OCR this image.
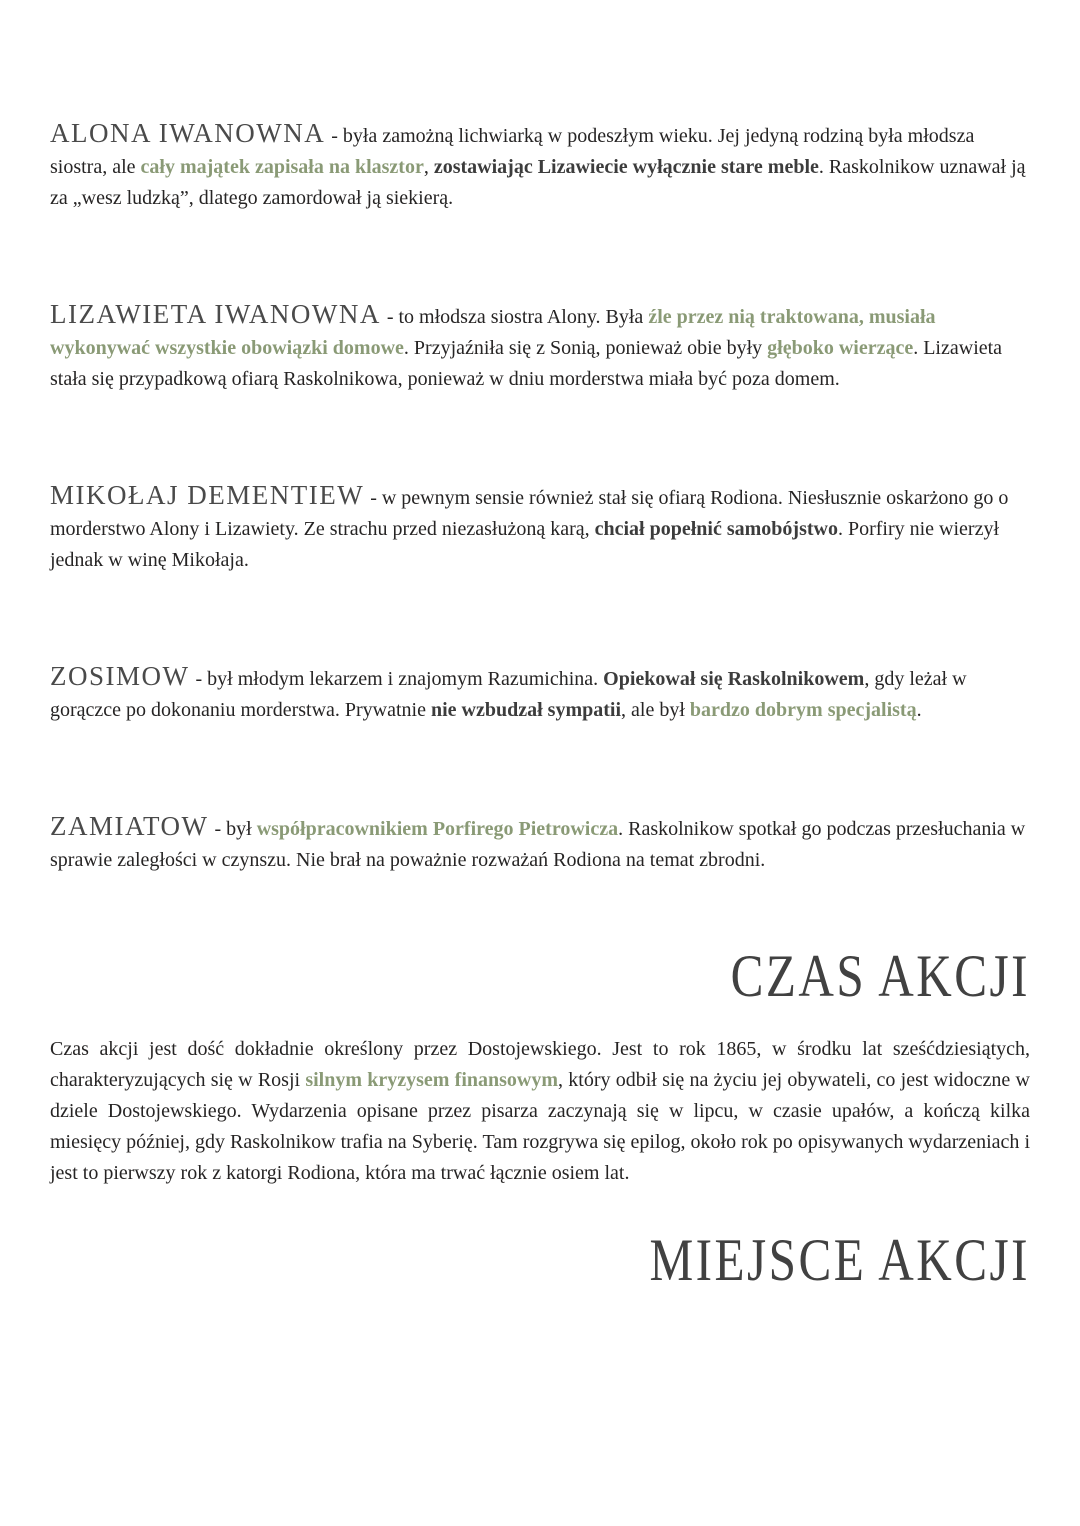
ALONA IWANOWNA - była zamożną lichwiarką w podeszłym wieku. Jej jedyną rodziną była młodsza siostra, ale cały majątek zapisała na klasztor, zostawiając Lizawiecie wyłącznie stare meble. Raskolnikow uznawał ją za „wesz ludzką”, dlatego zamordował ją siekierą.

LIZAWIETA IWANOWNA - to młodsza siostra Alony. Była źle przez nią traktowana, musiała wykonywać wszystkie obowiązki domowe. Przyjaźniła się z Sonią, ponieważ obie były głęboko wierzące. Lizawieta stała się przypadkową ofiarą Raskolnikowa, ponieważ w dniu morderstwa miała być poza domem.

MIKOŁAJ DEMENTIEW - w pewnym sensie również stał się ofiarą Rodiona. Niesłusznie oskarżono go o morderstwo Alony i Lizawiety. Ze strachu przed niezasłużoną karą, chciał popełnić samobójstwo. Porfiry nie wierzył jednak w winę Mikołaja.

ZOSIMOW - był młodym lekarzem i znajomym Razumichina. Opiekował się Raskolnikowem, gdy leżał w gorączce po dokonaniu morderstwa. Prywatnie nie wzbudzał sympatii, ale był bardzo dobrym specjalistą.

ZAMIATOW - był współpracownikiem Porfirego Pietrowicza. Raskolnikow spotkał go podczas przesłuchania w sprawie zaległości w czynszu. Nie brał na poważnie rozważań Rodiona na temat zbrodni.

CZAS AKCJI

Czas akcji jest dość dokładnie określony przez Dostojewskiego. Jest to rok 1865, w środku lat sześćdziesiątych, charakteryzujących się w Rosji silnym kryzysem finansowym, który odbił się na życiu jej obywateli, co jest widoczne w dziele Dostojewskiego. Wydarzenia opisane przez pisarza zaczynają się w lipcu, w czasie upałów, a kończą kilka miesięcy później, gdy Raskolnikow trafia na Syberię. Tam rozgrywa się epilog, około rok po opisywanych wydarzeniach i jest to pierwszy rok z katorgi Rodiona, która ma trwać łącznie osiem lat.

MIEJSCE AKCJI
